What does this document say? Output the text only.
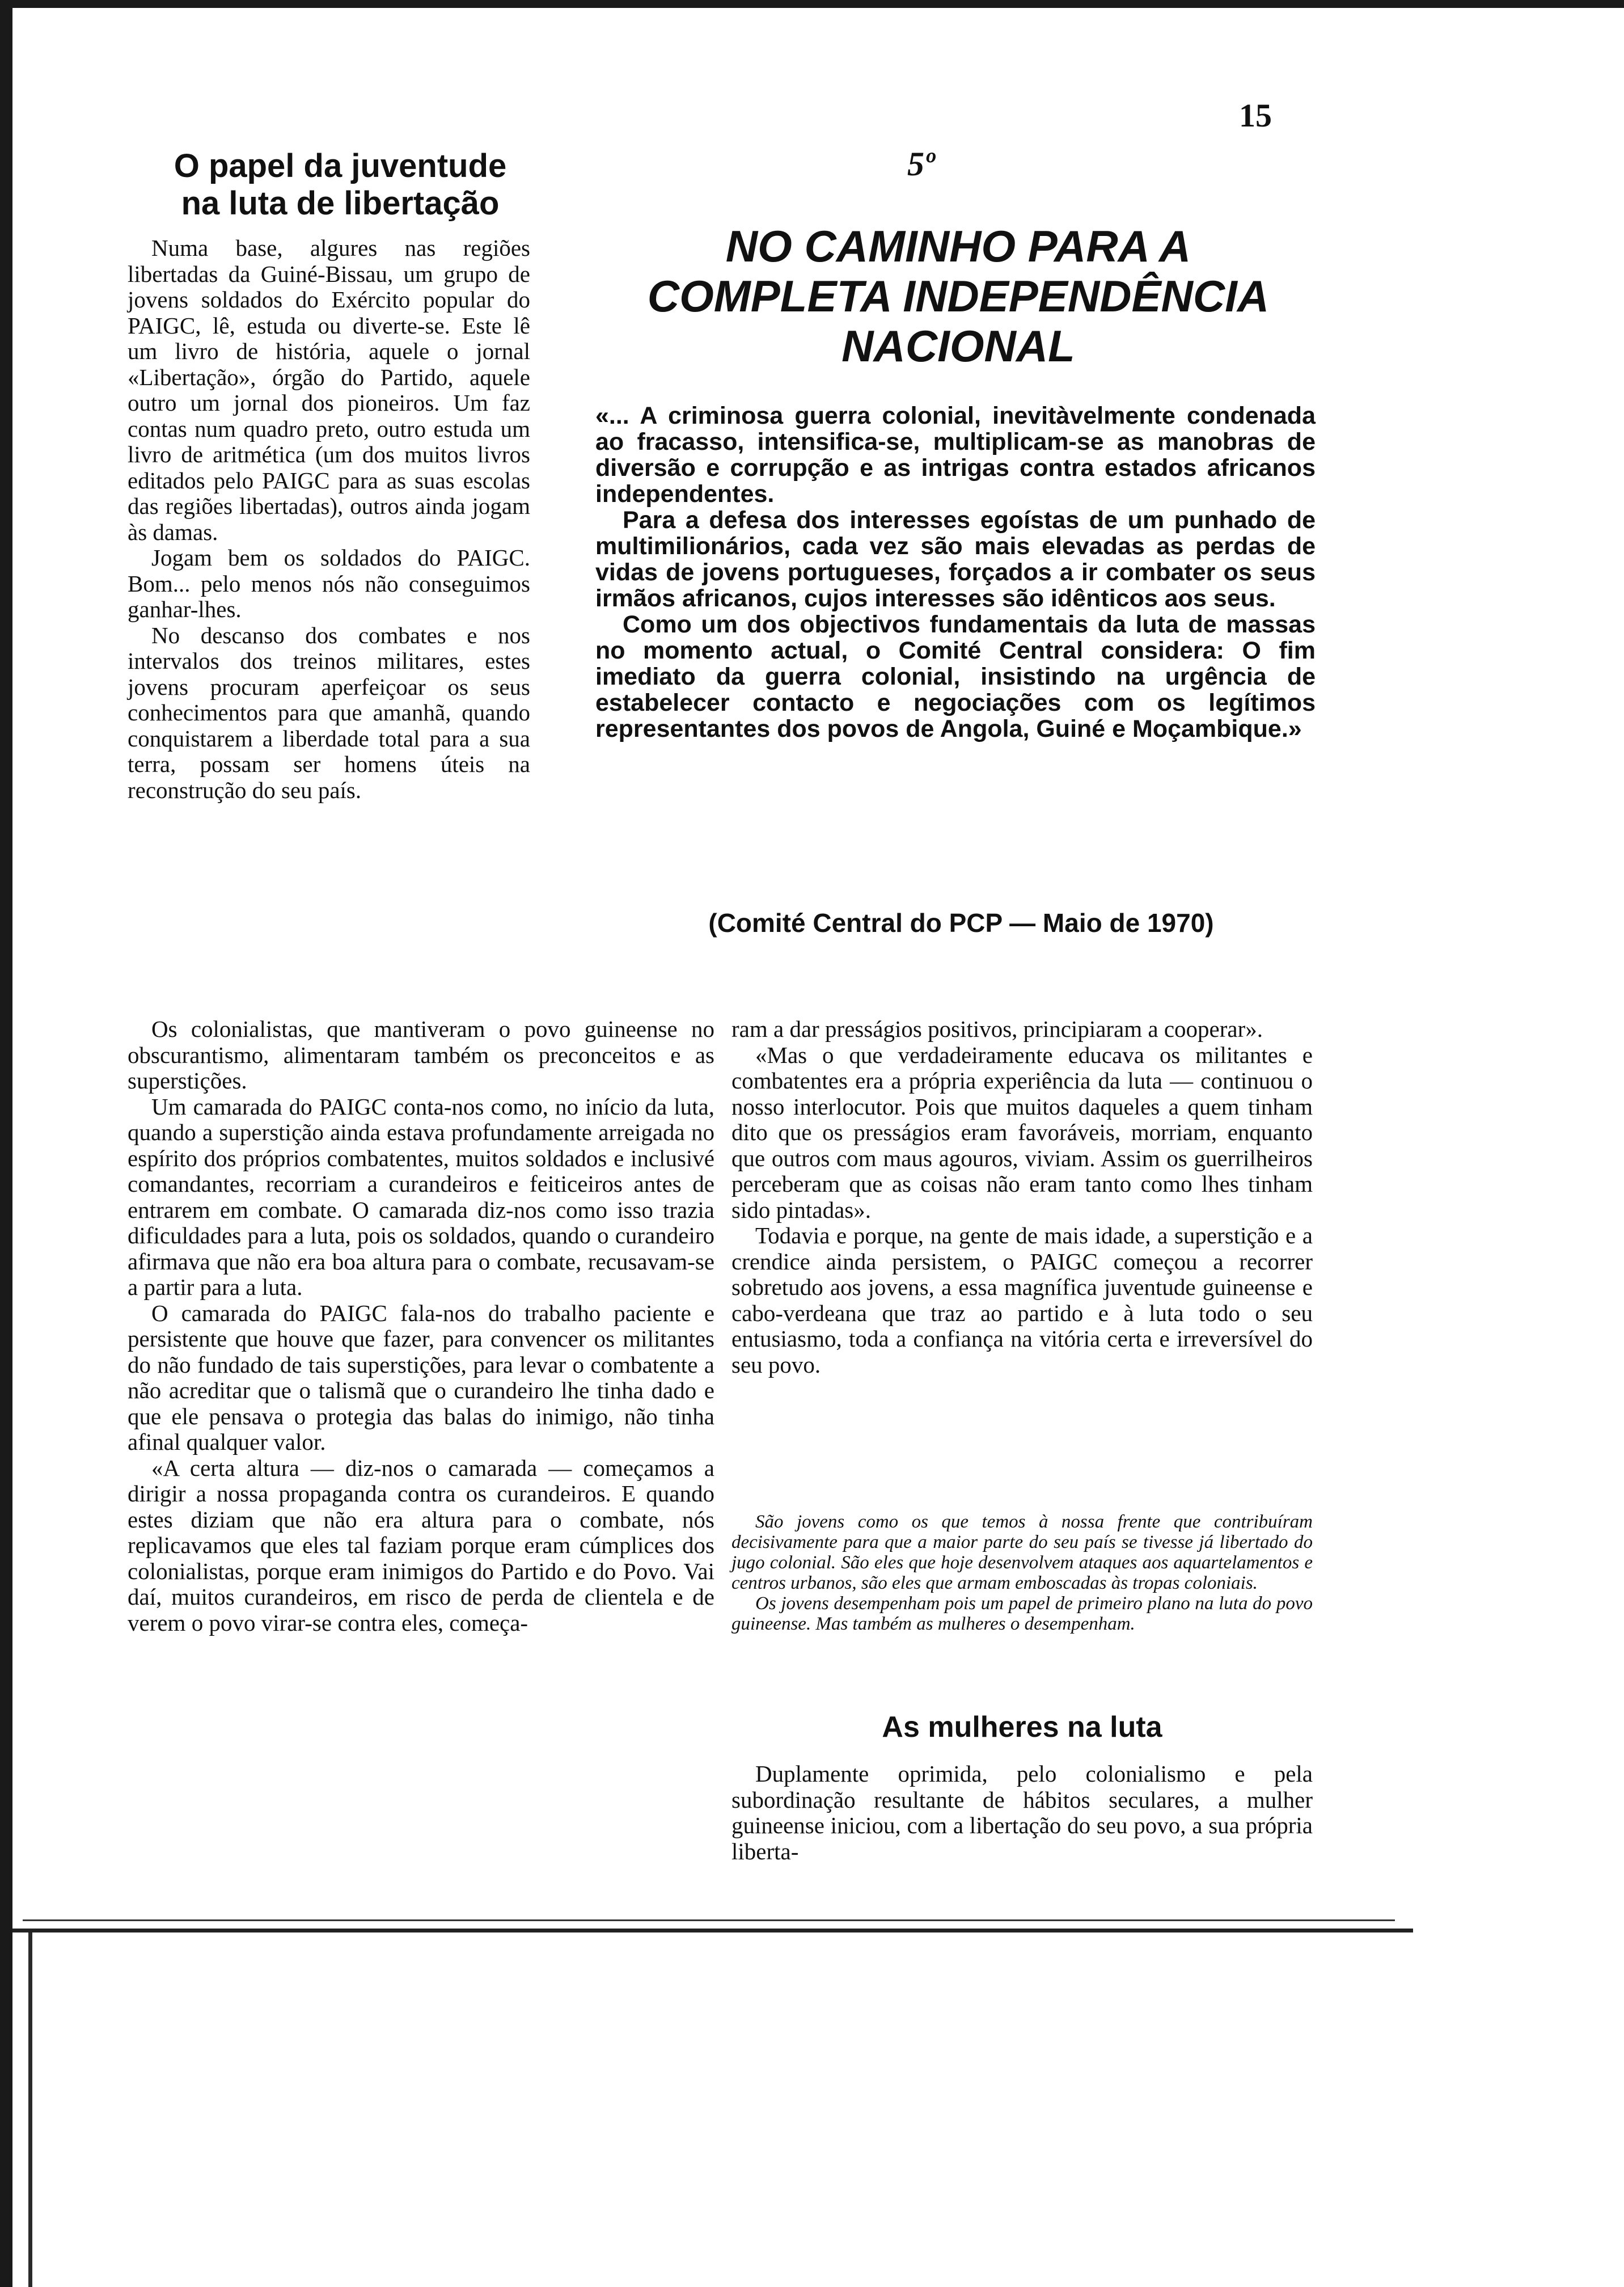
15
O papel da juventude
na luta de libertação

Numa base, algures nas regiões libertadas da Guiné-Bissau, um grupo de jovens soldados do Exército popular do PAIGC, lê, estuda ou diverte-se. Este lê um livro de história, aquele o jornal «Libertação», órgão do Partido, aquele outro um jornal dos pioneiros. Um faz contas num quadro preto, outro estuda um livro de aritmética (um dos muitos livros editados pelo PAIGC para as suas escolas das regiões libertadas), outros ainda jogam às damas.

Jogam bem os soldados do PAIGC. Bom... pelo menos nós não conseguimos ganhar-lhes.

No descanso dos combates e nos intervalos dos treinos militares, estes jovens procuram aperfeiçoar os seus conhecimentos para que amanhã, quando conquistarem a liberdade total para a sua terra, possam ser homens úteis na reconstrução do seu país.

5º
NO CAMINHO PARA A
COMPLETA INDEPENDÊNCIA
NACIONAL

«... A criminosa guerra colonial, inevitàvelmente condenada ao fracasso, intensifica-se, multiplicam-se as manobras de diversão e corrupção e as intrigas contra estados africanos independentes.

Para a defesa dos interesses egoístas de um punhado de multimilionários, cada vez são mais elevadas as perdas de vidas de jovens portugueses, forçados a ir combater os seus irmãos africanos, cujos interesses são idênticos aos seus.

Como um dos objectivos fundamentais da luta de massas no momento actual, o Comité Central considera: O fim imediato da guerra colonial, insistindo na urgência de estabelecer contacto e negociações com os legítimos representantes dos povos de Angola, Guiné e Moçambique.»

(Comité Central do PCP — Maio de 1970)

Os colonialistas, que mantiveram o povo guineense no obscurantismo, alimentaram também os preconceitos e as superstições.

Um camarada do PAIGC conta-nos como, no início da luta, quando a superstição ainda estava profundamente arreigada no espírito dos próprios combatentes, muitos soldados e inclusivé comandantes, recorriam a curandeiros e feiticeiros antes de entrarem em combate. O camarada diz-nos como isso trazia dificuldades para a luta, pois os soldados, quando o curandeiro afirmava que não era boa altura para o combate, recusavam-se a partir para a luta.

O camarada do PAIGC fala-nos do trabalho paciente e persistente que houve que fazer, para convencer os militantes do não fundado de tais superstições, para levar o combatente a não acreditar que o talismã que o curandeiro lhe tinha dado e que ele pensava o protegia das balas do inimigo, não tinha afinal qualquer valor.

«A certa altura — diz-nos o camarada — começamos a dirigir a nossa propaganda contra os curandeiros. E quando estes diziam que não era altura para o combate, nós replicavamos que eles tal faziam porque eram cúmplices dos colonialistas, porque eram inimigos do Partido e do Povo. Vai daí, muitos curandeiros, em risco de perda de clientela e de verem o povo virar-se contra eles, começa-

ram a dar presságios positivos, principiaram a cooperar».

«Mas o que verdadeiramente educava os militantes e combatentes era a própria experiência da luta — continuou o nosso interlocutor. Pois que muitos daqueles a quem tinham dito que os presságios eram favoráveis, morriam, enquanto que outros com maus agouros, viviam. Assim os guerrilheiros perceberam que as coisas não eram tanto como lhes tinham sido pintadas».

Todavia e porque, na gente de mais idade, a superstição e a crendice ainda persistem, o PAIGC começou a recorrer sobretudo aos jovens, a essa magnífica juventude guineense e cabo-verdeana que traz ao partido e à luta todo o seu entusiasmo, toda a confiança na vitória certa e irreversível do seu povo.

São jovens como os que temos à nossa frente que contribuíram decisivamente para que a maior parte do seu país se tivesse já libertado do jugo colonial. São eles que hoje desenvolvem ataques aos aquartelamentos e centros urbanos, são eles que armam emboscadas às tropas coloniais.

Os jovens desempenham pois um papel de primeiro plano na luta do povo guineense. Mas também as mulheres o desempenham.

As mulheres na luta

Duplamente oprimida, pelo colonialismo e pela subordinação resultante de hábitos seculares, a mulher guineense iniciou, com a libertação do seu povo, a sua própria liberta-
